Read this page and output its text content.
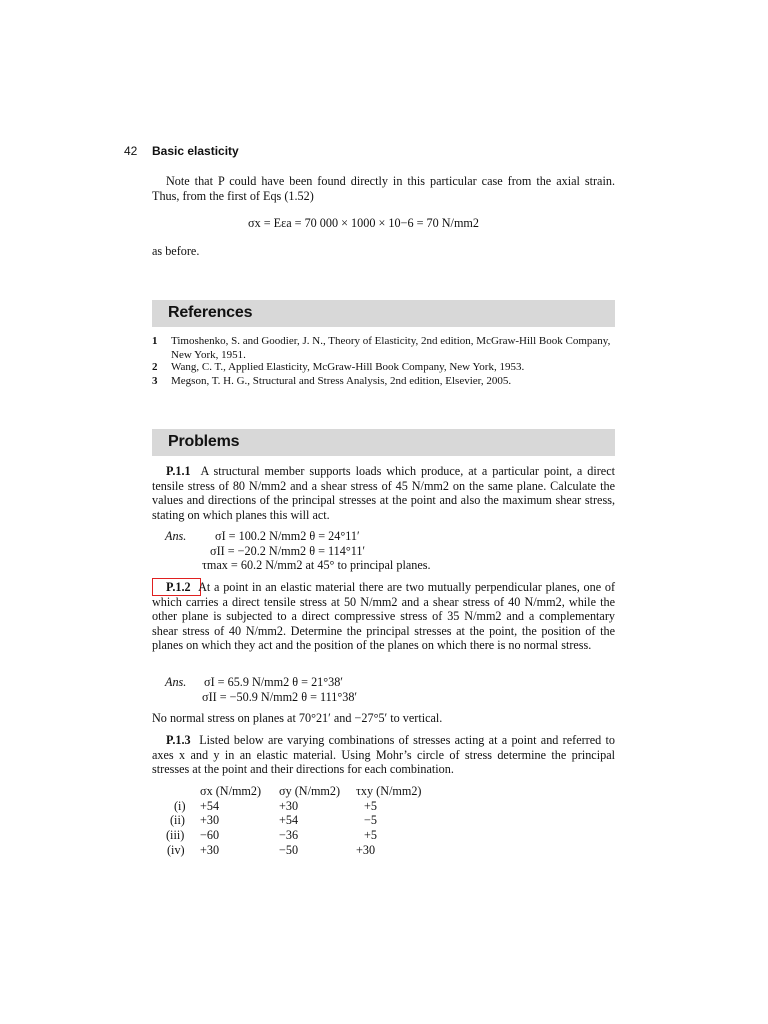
42 Basic elasticity
Note that P could have been found directly in this particular case from the axial strain. Thus, from the first of Eqs (1.52)
σx = Eεa = 70 000 × 1000 × 10−6 = 70 N/mm2
as before.
References
1 Timoshenko, S. and Goodier, J. N., Theory of Elasticity, 2nd edition, McGraw-Hill Book Company, New York, 1951.
2 Wang, C. T., Applied Elasticity, McGraw-Hill Book Company, New York, 1953.
3 Megson, T. H. G., Structural and Stress Analysis, 2nd edition, Elsevier, 2005.
Problems
P.1.1 A structural member supports loads which produce, at a particular point, a direct tensile stress of 80 N/mm2 and a shear stress of 45 N/mm2 on the same plane. Calculate the values and directions of the principal stresses at the point and also the maximum shear stress, stating on which planes this will act.
Ans. σI = 100.2 N/mm2 θ = 24°11′
σII = −20.2 N/mm2 θ = 114°11′
τmax = 60.2 N/mm2 at 45° to principal planes.
P.1.2 At a point in an elastic material there are two mutually perpendicular planes, one of which carries a direct tensile stress at 50 N/mm2 and a shear stress of 40 N/mm2, while the other plane is subjected to a direct compressive stress of 35 N/mm2 and a complementary shear stress of 40 N/mm2. Determine the principal stresses at the point, the position of the planes on which they act and the position of the planes on which there is no normal stress.
Ans. σI = 65.9 N/mm2 θ = 21°38′
σII = −50.9 N/mm2 θ = 111°38′
No normal stress on planes at 70°21′ and −27°5′ to vertical.
P.1.3 Listed below are varying combinations of stresses acting at a point and referred to axes x and y in an elastic material. Using Mohr’s circle of stress determine the principal stresses at the point and their directions for each combination.
σx (N/mm2) σy (N/mm2) τxy (N/mm2)
(i) +54	+30	+5
(ii) +30	+54	−5
(iii) −60	−36	+5
(iv) +30	−50	+30
